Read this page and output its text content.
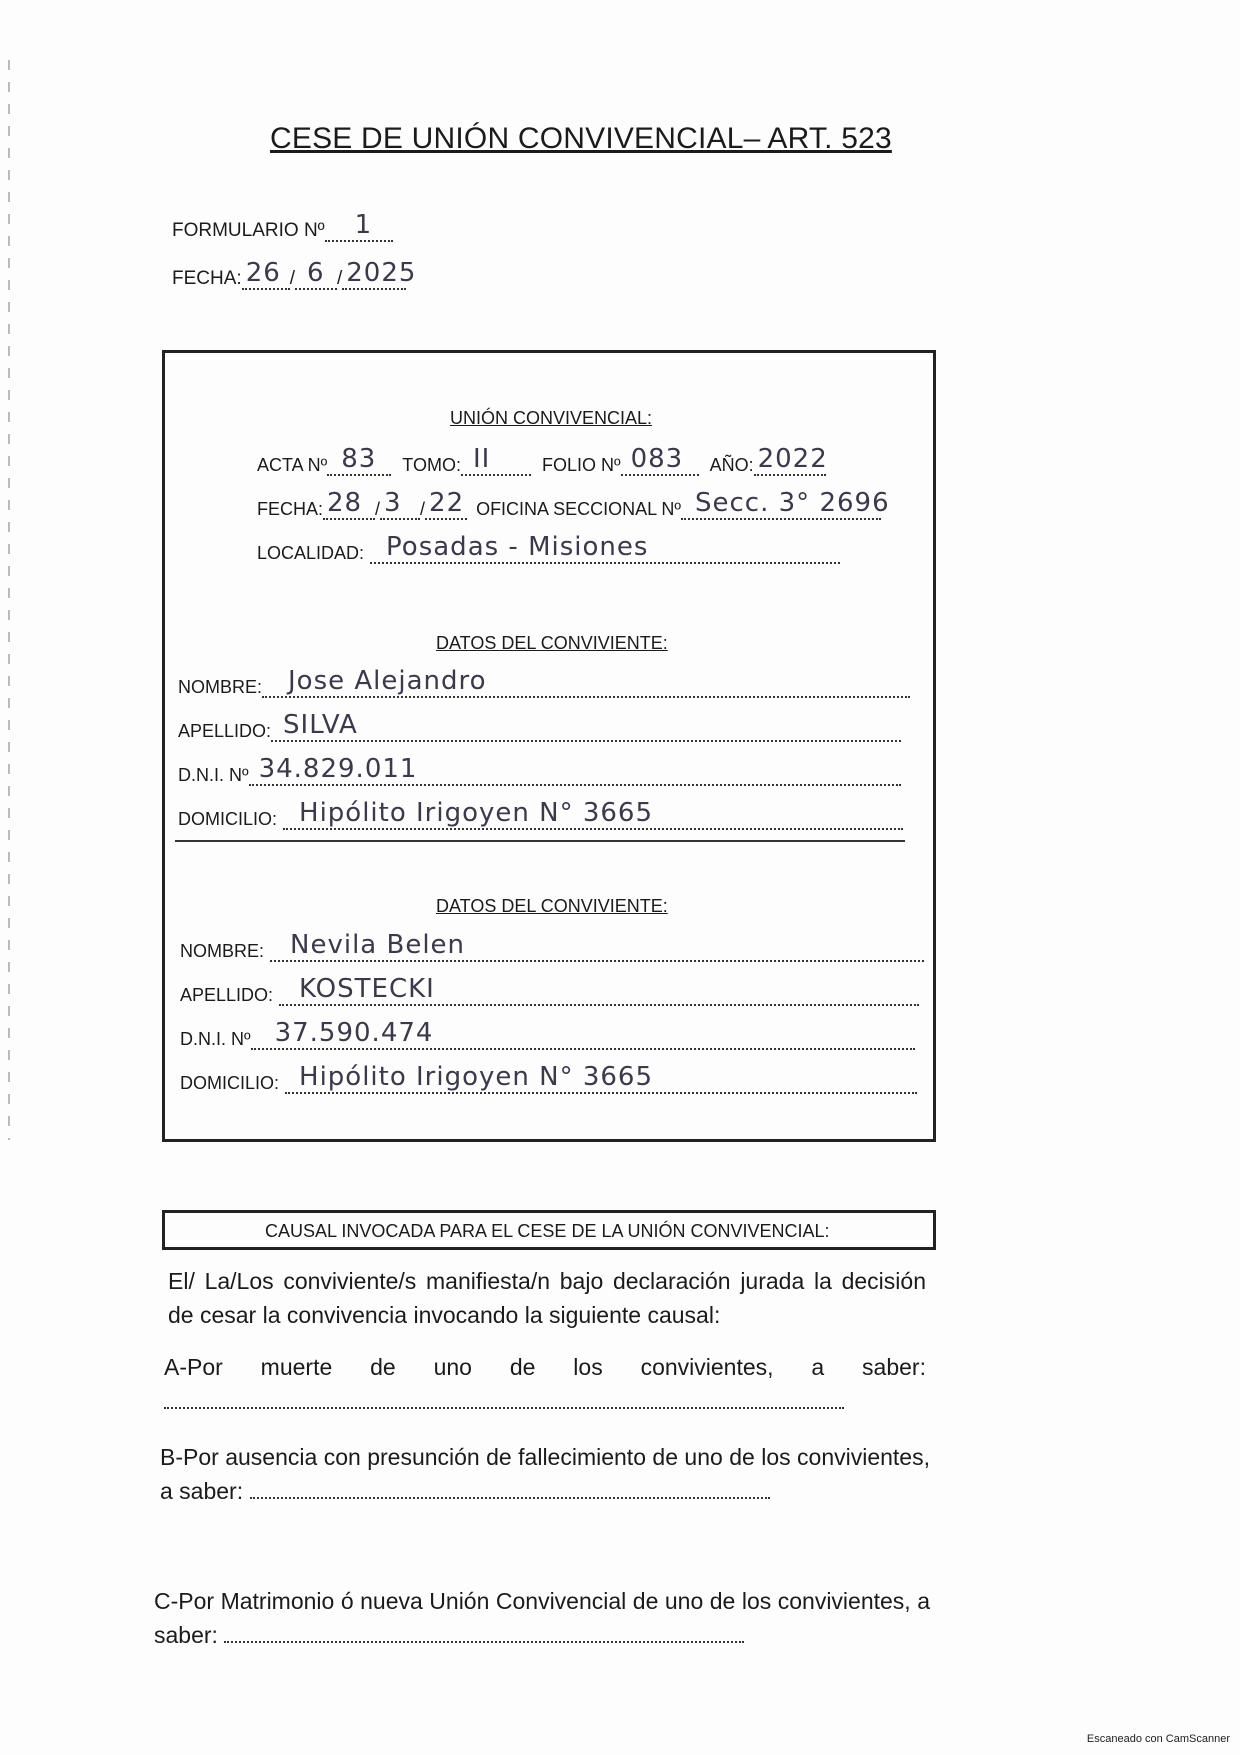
CESE DE UNIÓN CONVIVENCIAL– ART. 523
FORMULARIO Nº 1
FECHA: 26 / 6 / 2025
UNIÓN CONVIVENCIAL:
ACTA Nº 83 TOMO: II	FOLIO Nº 083 AÑO: 2022
FECHA: 28 / 3 / 22 OFICINA SECCIONAL Nº Secc. 3° 2696
LOCALIDAD: Posadas - Misiones
DATOS DEL CONVIVIENTE:
NOMBRE: Jose Alejandro
APELLIDO: SILVA
D.N.I. Nº 34.829.011
DOMICILIO: Hipólito Irigoyen N° 3665
DATOS DEL CONVIVIENTE:
NOMBRE: Nevila Belen
APELLIDO: KOSTECKI
D.N.I. Nº 37.590.474
DOMICILIO: Hipólito Irigoyen N° 3665
CAUSAL INVOCADA PARA EL CESE DE LA UNIÓN CONVIVENCIAL:
El/ La/Los conviviente/s manifiesta/n bajo declaración jurada la decisión de cesar la convivencia invocando la siguiente causal:
A-Por muerte de uno de los convivientes, a saber:
B-Por ausencia con presunción de fallecimiento de uno de los convivientes, a saber:
C-Por Matrimonio ó nueva Unión Convivencial de uno de los convivientes, a saber:
Escaneado con CamScanner
